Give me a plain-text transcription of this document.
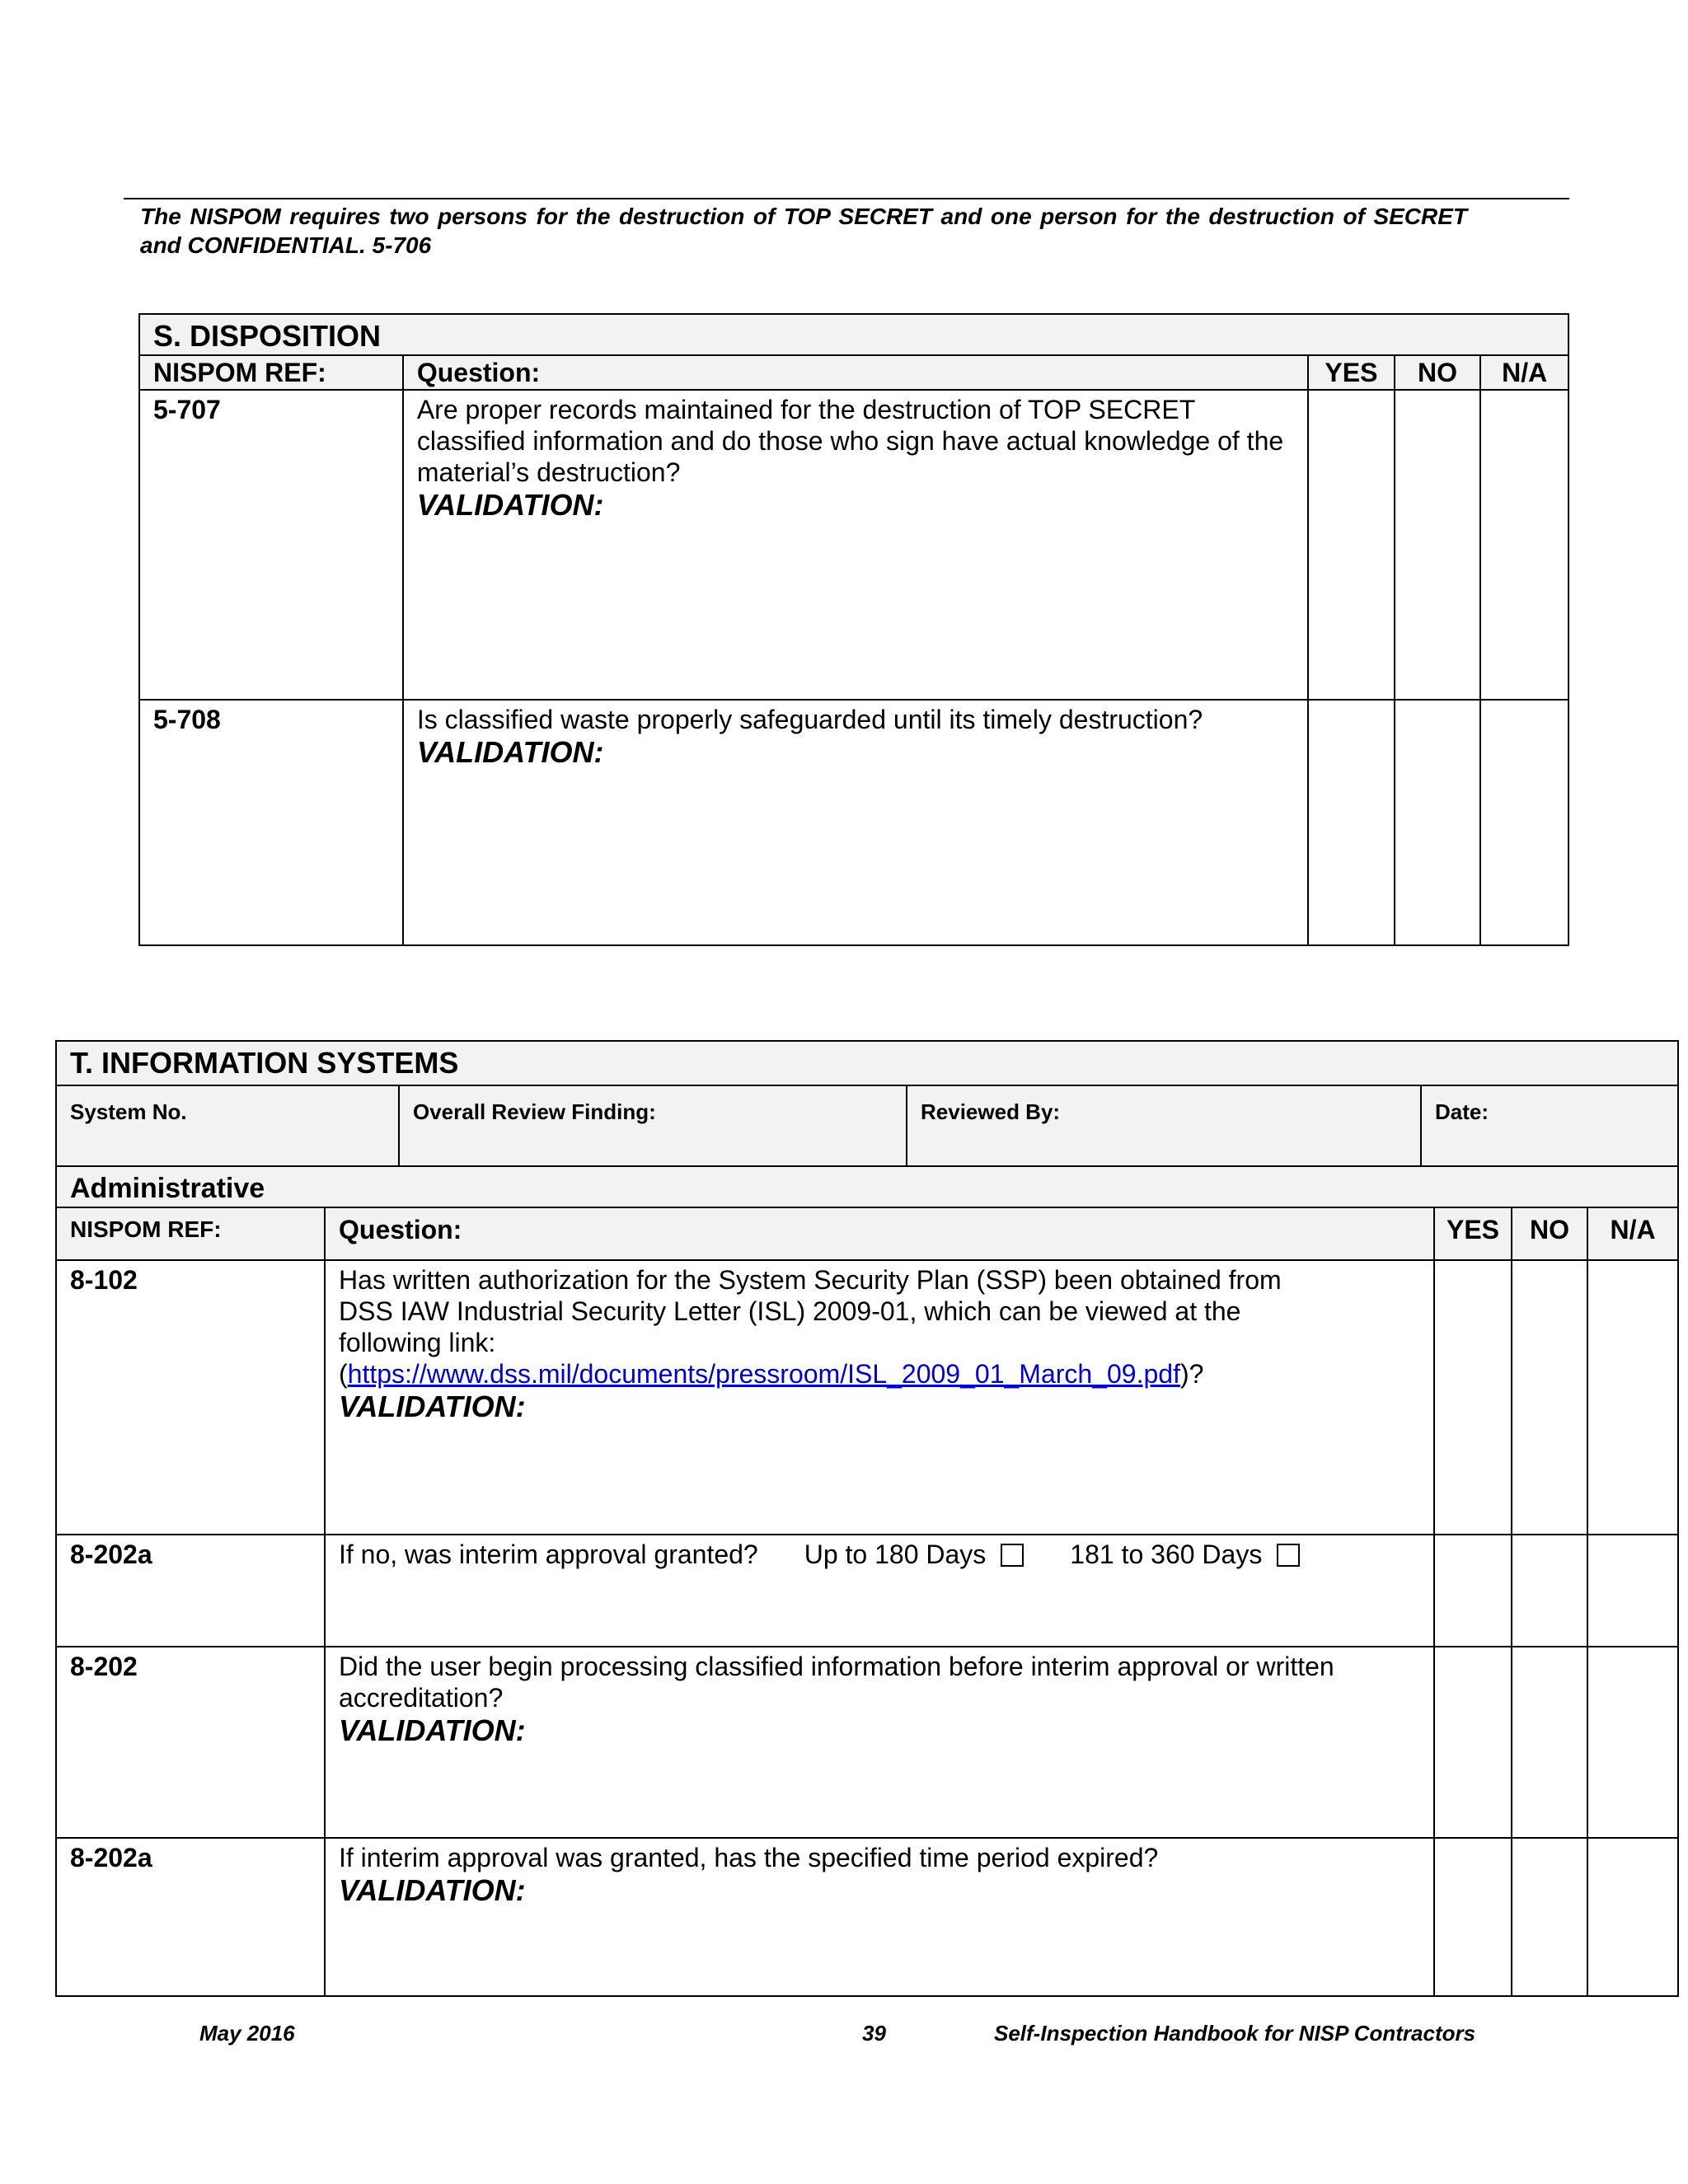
The NISPOM requires two persons for the destruction of TOP SECRET and one person for the destruction of SECRET and CONFIDENTIAL. 5-706
S. DISPOSITION				

NISPOM REF:	Question:	YES	NO	N/A
5-707	Are proper records maintained for the destruction of TOP SECRET classified information and do those who sign have actual knowledge of the material’s destruction?
VALIDATION:			

5-708	Is classified waste properly safeguarded until its timely destruction?
VALIDATION:			

T. INFORMATION SYSTEMS							

System No.		Overall Review Finding:	Reviewed By:	Date:			

Administrative							

NISPOM REF:	Question:				YES	NO	N/A
8-102	Has written authorization for the System Security Plan (SSP) been obtained from DSS IAW Industrial Security Letter (ISL) 2009-01, which can be viewed at the following link:
(https://www.dss.mil/documents/pressroom/ISL_2009_01_March_09.pdf)?
VALIDATION:						

8-202a	If no, was interim approval granted? Up to 180 Days 181 to 360 Days						
8-202	Did the user begin processing classified information before interim approval or written accreditation?
VALIDATION:						

8-202a	If interim approval was granted, has the specified time period expired?
VALIDATION:						

May 2016	39	Self-Inspection Handbook for NISP Contractors
